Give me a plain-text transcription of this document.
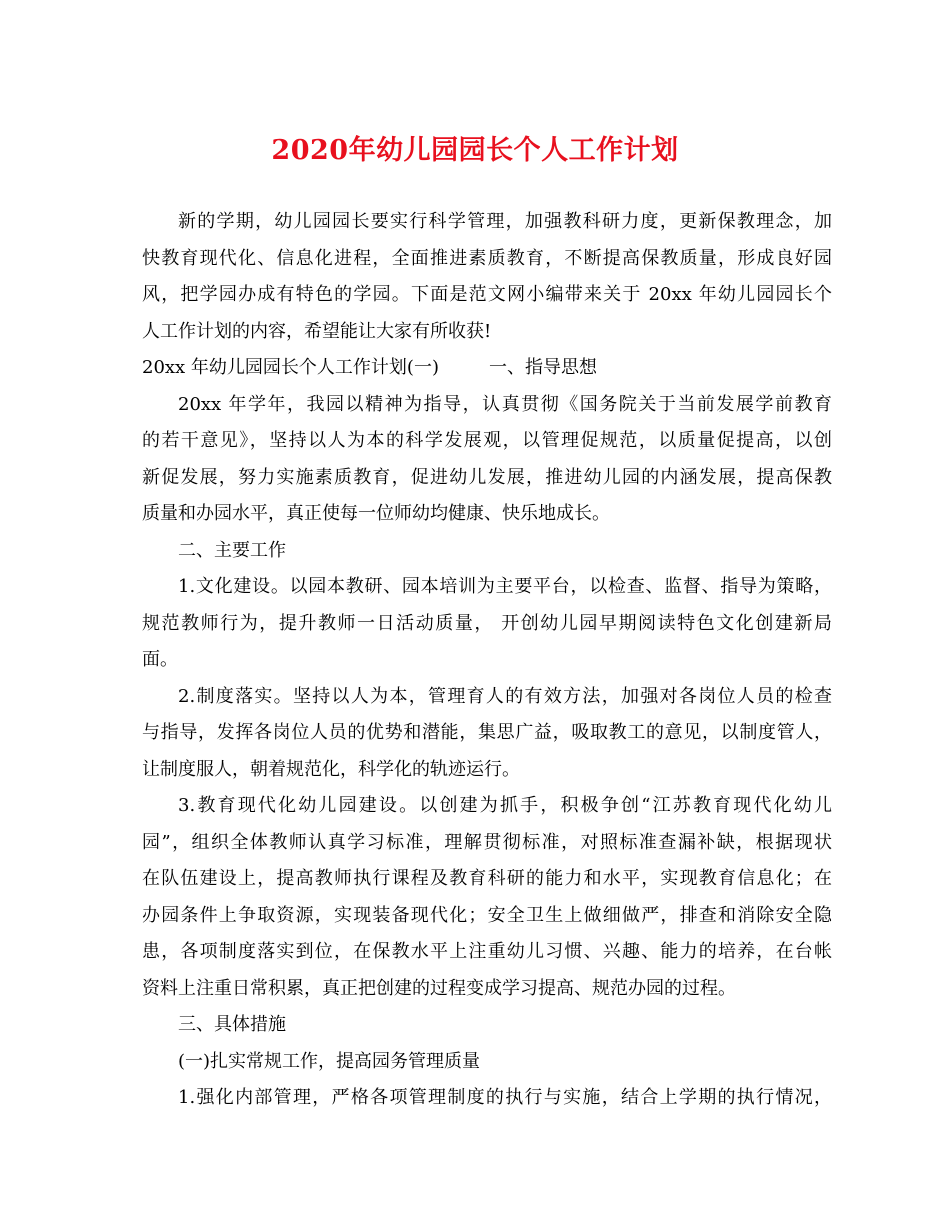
2020年幼儿园园长个人工作计划
新的学期，幼儿园园长要实行科学管理，加强教科研力度，更新保教理念，加
快教育现代化、信息化进程，全面推进素质教育，不断提高保教质量，形成良好园
风，把学园办成有特色的学园。下面是范文网小编带来关于 20xx 年幼儿园园长个
人工作计划的内容，希望能让大家有所收获!
20xx 年幼儿园园长个人工作计划(一)	一、指导思想
20xx 年学年，我园以精神为指导，认真贯彻《国务院关于当前发展学前教育
的若干意见》，坚持以人为本的科学发展观，以管理促规范，以质量促提高，以创
新促发展，努力实施素质教育，促进幼儿发展，推进幼儿园的内涵发展，提高保教
质量和办园水平，真正使每一位师幼均健康、快乐地成长。
二、主要工作
1.文化建设。以园本教研、园本培训为主要平台，以检查、监督、指导为策略，
规范教师行为，提升教师一日活动质量， 开创幼儿园早期阅读特色文化创建新局
面。
2.制度落实。坚持以人为本，管理育人的有效方法，加强对各岗位人员的检查
与指导，发挥各岗位人员的优势和潜能，集思广益，吸取教工的意见，以制度管人，
让制度服人，朝着规范化，科学化的轨迹运行。
3.教育现代化幼儿园建设。以创建为抓手，积极争创“江苏教育现代化幼儿
园”，组织全体教师认真学习标准，理解贯彻标准，对照标准查漏补缺，根据现状
在队伍建设上，提高教师执行课程及教育科研的能力和水平，实现教育信息化；在
办园条件上争取资源，实现装备现代化；安全卫生上做细做严，排查和消除安全隐
患，各项制度落实到位，在保教水平上注重幼儿习惯、兴趣、能力的培养，在台帐
资料上注重日常积累，真正把创建的过程变成学习提高、规范办园的过程。
三、具体措施
(一)扎实常规工作，提高园务管理质量
1.强化内部管理，严格各项管理制度的执行与实施，结合上学期的执行情况，
